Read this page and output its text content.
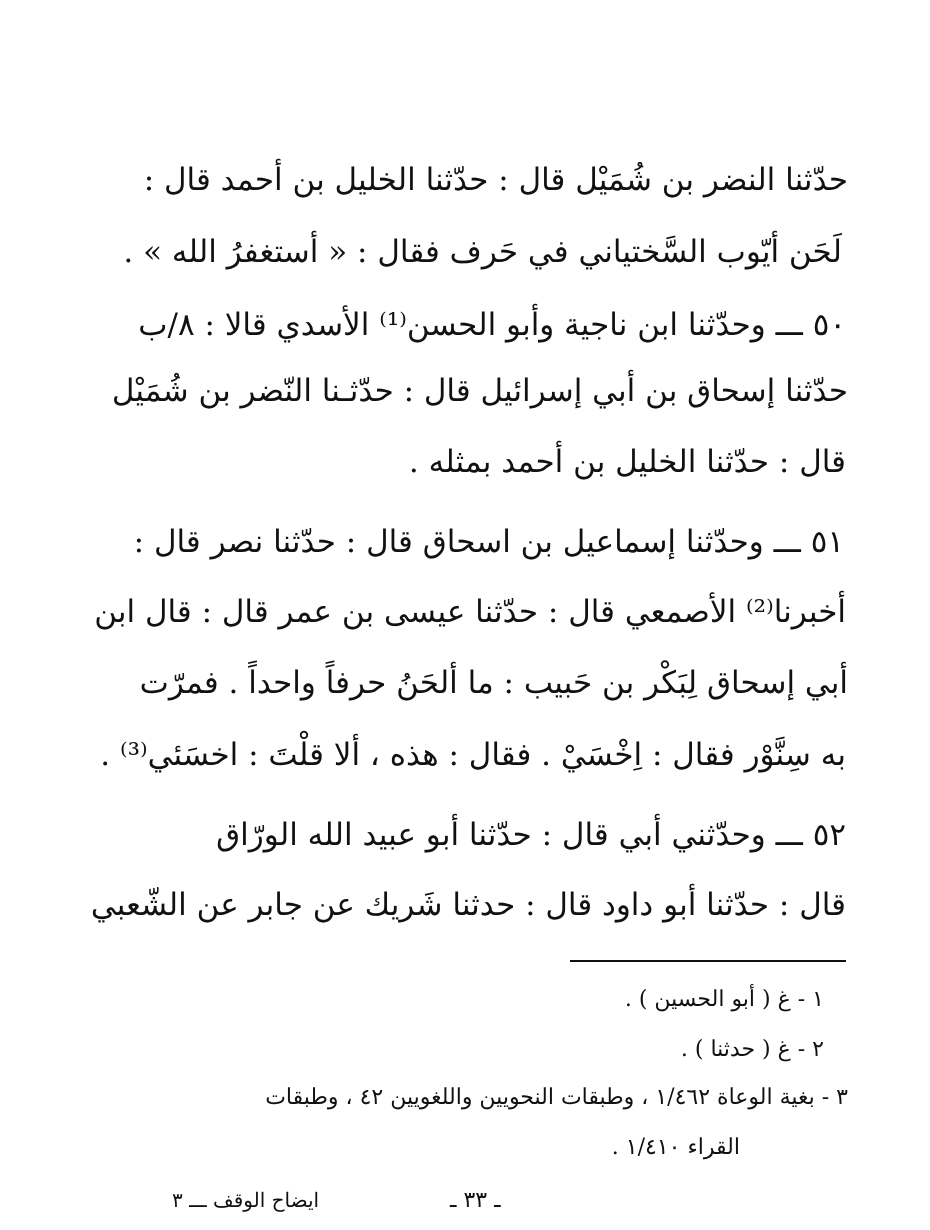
حدّثنا النضر بن شُمَيْل قال : حدّثنا الخليل بن أحمد قال :
لَحَن أيّوب السَّختياني في حَرف فقال : « أستغفرُ الله » .
٥٠ ـــ وحدّثنا ابن ناجية وأبو الحسن⁽¹⁾ الأسدي قالا : ٨/ب
حدّثنا إسحاق بن أبي إسرائيل قال : حدّثـنا النّضر بن شُمَيْل
قال : حدّثنا الخليل بن أحمد بمثله .
٥١ ـــ وحدّثنا إسماعيل بن اسحاق قال : حدّثنا نصر قال :
أخبرنا⁽²⁾ الأصمعي قال : حدّثنا عيسى بن عمر قال : قال ابن
أبي إسحاق لِبَكْر بن حَبيب : ما ألحَنُ حرفاً واحداً . فمرّت
به سِنَّوْر فقال : اِخْسَيْ . فقال : هذه ، ألا قلْتَ : اخسَئي⁽³⁾ .
٥٢ ـــ وحدّثني أبي قال : حدّثنا أبو عبيد الله الورّاق
قال : حدّثنا أبو داود قال : حدثنا شَريك عن جابر عن الشّعبي
١ - غ ( أبو الحسين ) .
٢ - غ ( حدثنا ) .
٣ - بغية الوعاة ١/٤٦٢ ، وطبقات النحويين واللغويين ٤٢ ، وطبقات
القراء ١/٤١٠ .
ـ ٣٣ ـ
ايضاح الوقف ـــ ٣
